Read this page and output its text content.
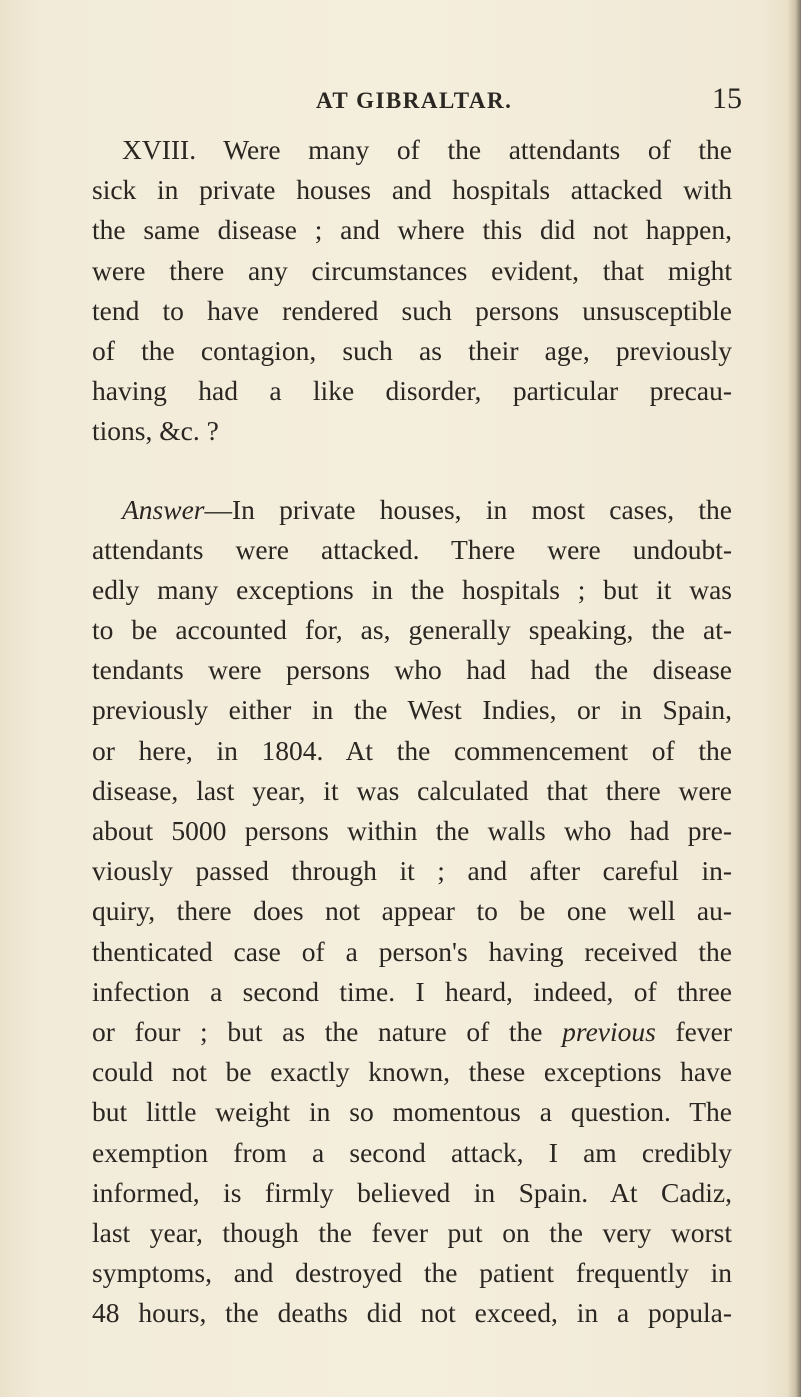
AT GIBRALTAR.	15
XVIII. Were many of the attendants of the
sick in private houses and hospitals attacked with
the same disease ; and where this did not happen,
were there any circumstances evident, that might
tend to have rendered such persons unsusceptible
of the contagion, such as their age, previously
having had a like disorder, particular precau-
tions, &c. ?
Answer—In private houses, in most cases, the
attendants were attacked. There were undoubt-
edly many exceptions in the hospitals ; but it was
to be accounted for, as, generally speaking, the at-
tendants were persons who had had the disease
previously either in the West Indies, or in Spain,
or here, in 1804. At the commencement of the
disease, last year, it was calculated that there were
about 5000 persons within the walls who had pre-
viously passed through it ; and after careful in-
quiry, there does not appear to be one well au-
thenticated case of a person's having received the
infection a second time. I heard, indeed, of three
or four ; but as the nature of the previous fever
could not be exactly known, these exceptions have
but little weight in so momentous a question. The
exemption from a second attack, I am credibly
informed, is firmly believed in Spain. At Cadiz,
last year, though the fever put on the very worst
symptoms, and destroyed the patient frequently in
48 hours, the deaths did not exceed, in a popula-
